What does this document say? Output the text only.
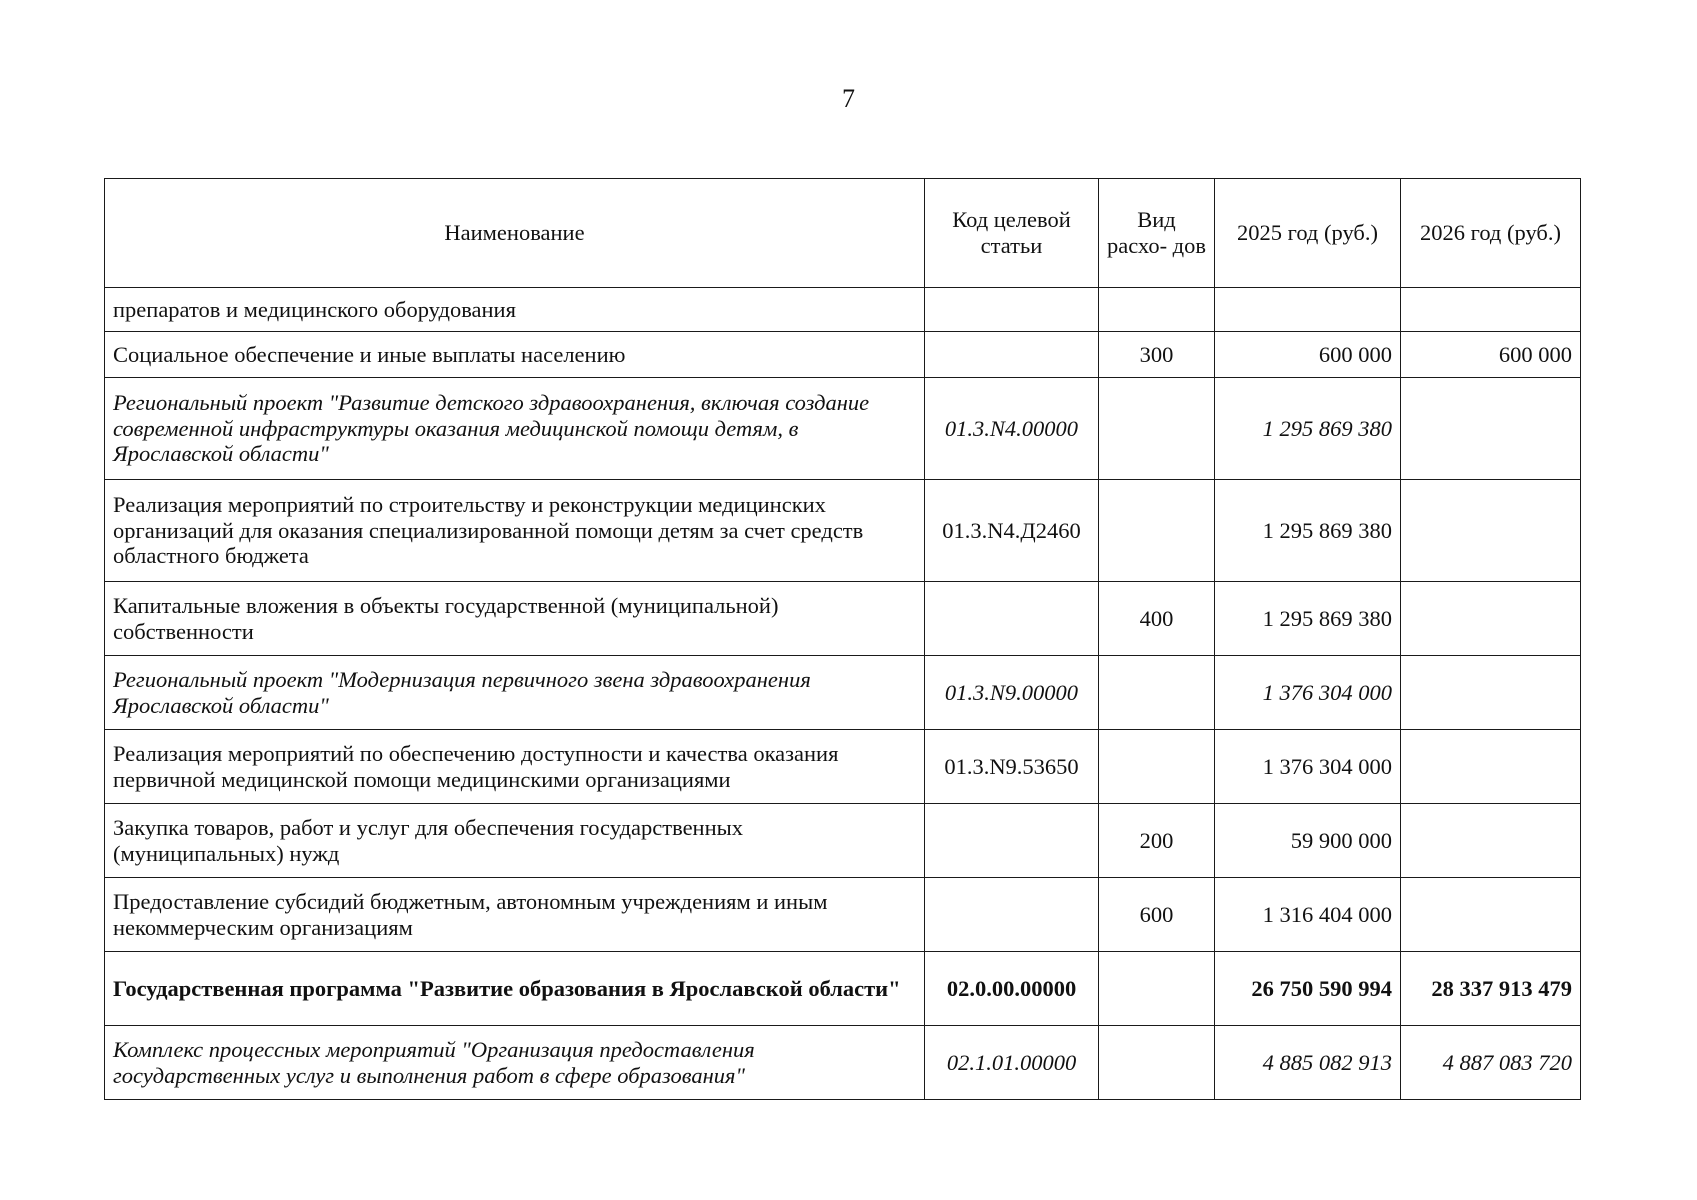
7
Наименование	Код целевой статьи	Вид расхо- дов	2025 год (руб.)	2026 год (руб.)
препаратов и медицинского оборудования				
Социальное обеспечение и иные выплаты населению		300	600 000	600 000
Региональный проект "Развитие детского здравоохранения, включая создание современной инфраструктуры оказания медицинской помощи детям, в Ярославской области"	01.3.N4.00000		1 295 869 380	
Реализация мероприятий по строительству и реконструкции медицинских организаций для оказания специализированной помощи детям за счет средств областного бюджета	01.3.N4.Д2460		1 295 869 380	
Капитальные вложения в объекты государственной (муниципальной) собственности		400	1 295 869 380	
Региональный проект "Модернизация первичного звена здравоохранения Ярославской области"	01.3.N9.00000		1 376 304 000	
Реализация мероприятий по обеспечению доступности и качества оказания первичной медицинской помощи медицинскими организациями	01.3.N9.53650		1 376 304 000	
Закупка товаров, работ и услуг для обеспечения государственных (муниципальных) нужд		200	59 900 000	
Предоставление субсидий бюджетным, автономным учреждениям и иным некоммерческим организациям		600	1 316 404 000	
Государственная программа "Развитие образования в Ярославской области"	02.0.00.00000		26 750 590 994	28 337 913 479
Комплекс процессных мероприятий "Организация предоставления государственных услуг и выполнения работ в сфере образования"	02.1.01.00000		4 885 082 913	4 887 083 720
